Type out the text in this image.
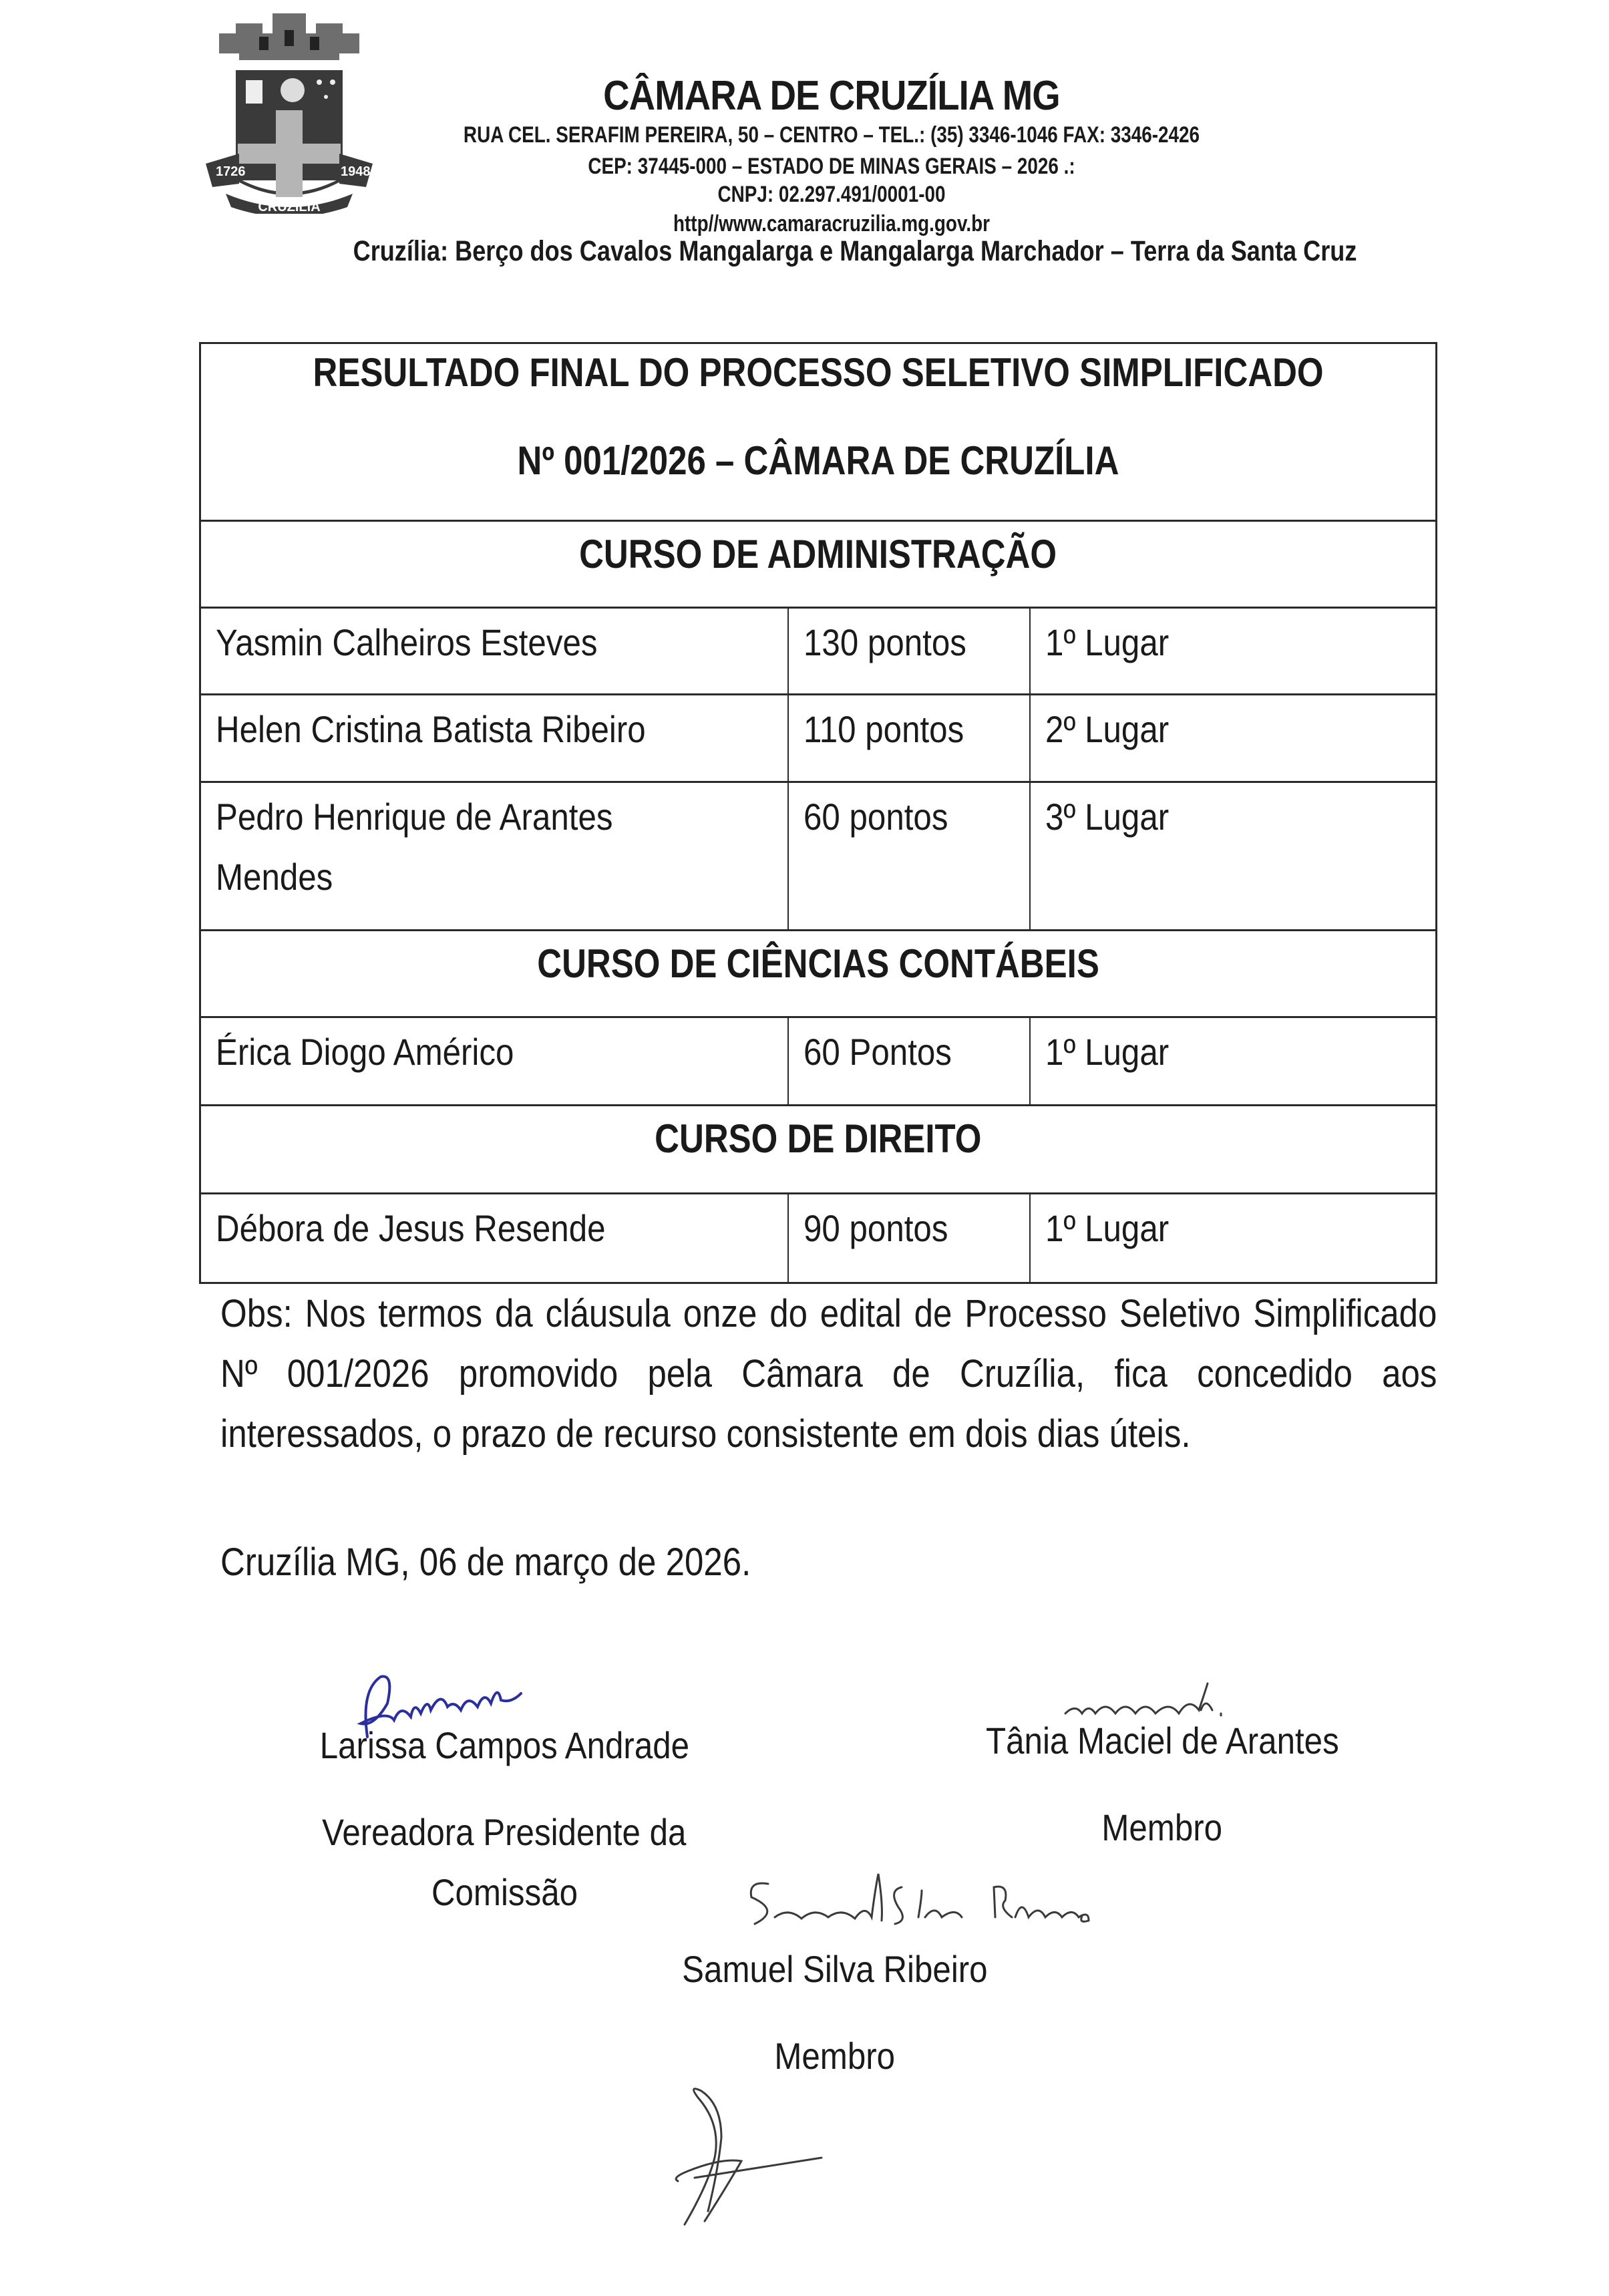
1726	1948
CRUZÍLIA
CÂMARA DE CRUZÍLIA MG
RUA CEL. SERAFIM PEREIRA, 50 – CENTRO – TEL.: (35) 3346-1046 FAX: 3346-2426
CEP: 37445-000 – ESTADO DE MINAS GERAIS – 2026 .:
CNPJ: 02.297.491/0001-00
http//www.camaracruzilia.mg.gov.br
Cruzília: Berço dos Cavalos Mangalarga e Mangalarga Marchador – Terra da Santa Cruz
RESULTADO FINAL DO PROCESSO SELETIVO SIMPLIFICADO
Nº 001/2026 – CÂMARA DE CRUZÍLIA
CURSO DE ADMINISTRAÇÃO
Yasmin Calheiros Esteves	130 pontos	1º Lugar
Helen Cristina Batista Ribeiro	110 pontos	2º Lugar
Pedro Henrique de Arantes
Mendes
60 pontos	3º Lugar
CURSO DE CIÊNCIAS CONTÁBEIS
Érica Diogo Américo	60 Pontos	1º Lugar
CURSO DE DIREITO
Débora de Jesus Resende	90 pontos	1º Lugar
Obs: Nos termos da cláusula onze do edital de Processo Seletivo Simplificado Nº 001/2026 promovido pela Câmara de Cruzília, fica concedido aos interessados, o prazo de recurso consistente em dois dias úteis.
Cruzília MG, 06 de março de 2026.
Larissa Campos Andrade
Vereadora Presidente da
Comissão
Tânia Maciel de Arantes
Membro
Samuel Silva Ribeiro
Membro
